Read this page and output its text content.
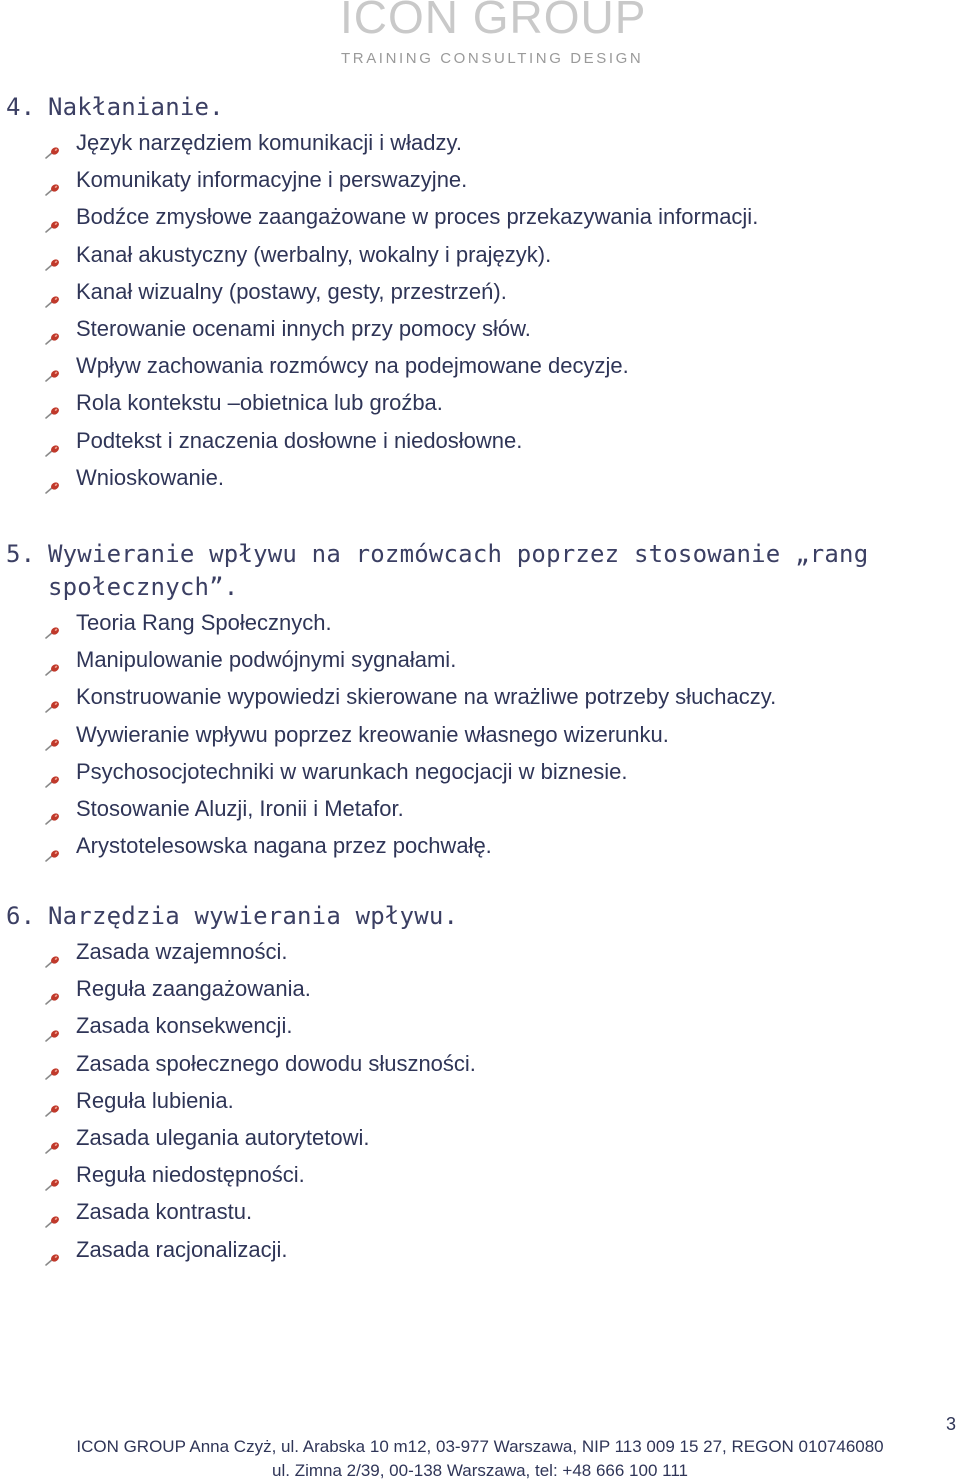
ICON GROUP
TRAINING CONSULTING DESIGN
4. Nakłanianie.
Język narzędziem komunikacji i władzy.
Komunikaty informacyjne i perswazyjne.
Bodźce zmysłowe zaangażowane w proces przekazywania informacji.
Kanał akustyczny (werbalny, wokalny i prajęzyk).
Kanał wizualny (postawy, gesty, przestrzeń).
Sterowanie ocenami innych przy pomocy słów.
Wpływ zachowania rozmówcy na podejmowane decyzje.
Rola kontekstu –obietnica lub groźba.
Podtekst i znaczenia dosłowne i niedosłowne.
Wnioskowanie.
5. Wywieranie wpływu na rozmówcach poprzez stosowanie „rang
społecznych”.
Teoria Rang Społecznych.
Manipulowanie podwójnymi sygnałami.
Konstruowanie wypowiedzi skierowane na wrażliwe potrzeby słuchaczy.
Wywieranie wpływu poprzez kreowanie własnego wizerunku.
Psychosocjotechniki w warunkach negocjacji w biznesie.
Stosowanie Aluzji, Ironii i Metafor.
Arystotelesowska nagana przez pochwałę.
6. Narzędzia wywierania wpływu.
Zasada wzajemności.
Reguła zaangażowania.
Zasada konsekwencji.
Zasada społecznego dowodu słuszności.
Reguła lubienia.
Zasada ulegania autorytetowi.
Reguła niedostępności.
Zasada kontrastu.
Zasada racjonalizacji.
3
ICON GROUP Anna Czyż, ul. Arabska 10 m12, 03-977 Warszawa, NIP 113 009 15 27, REGON 010746080
ul. Zimna 2/39, 00-138 Warszawa, tel: +48 666 100 111
